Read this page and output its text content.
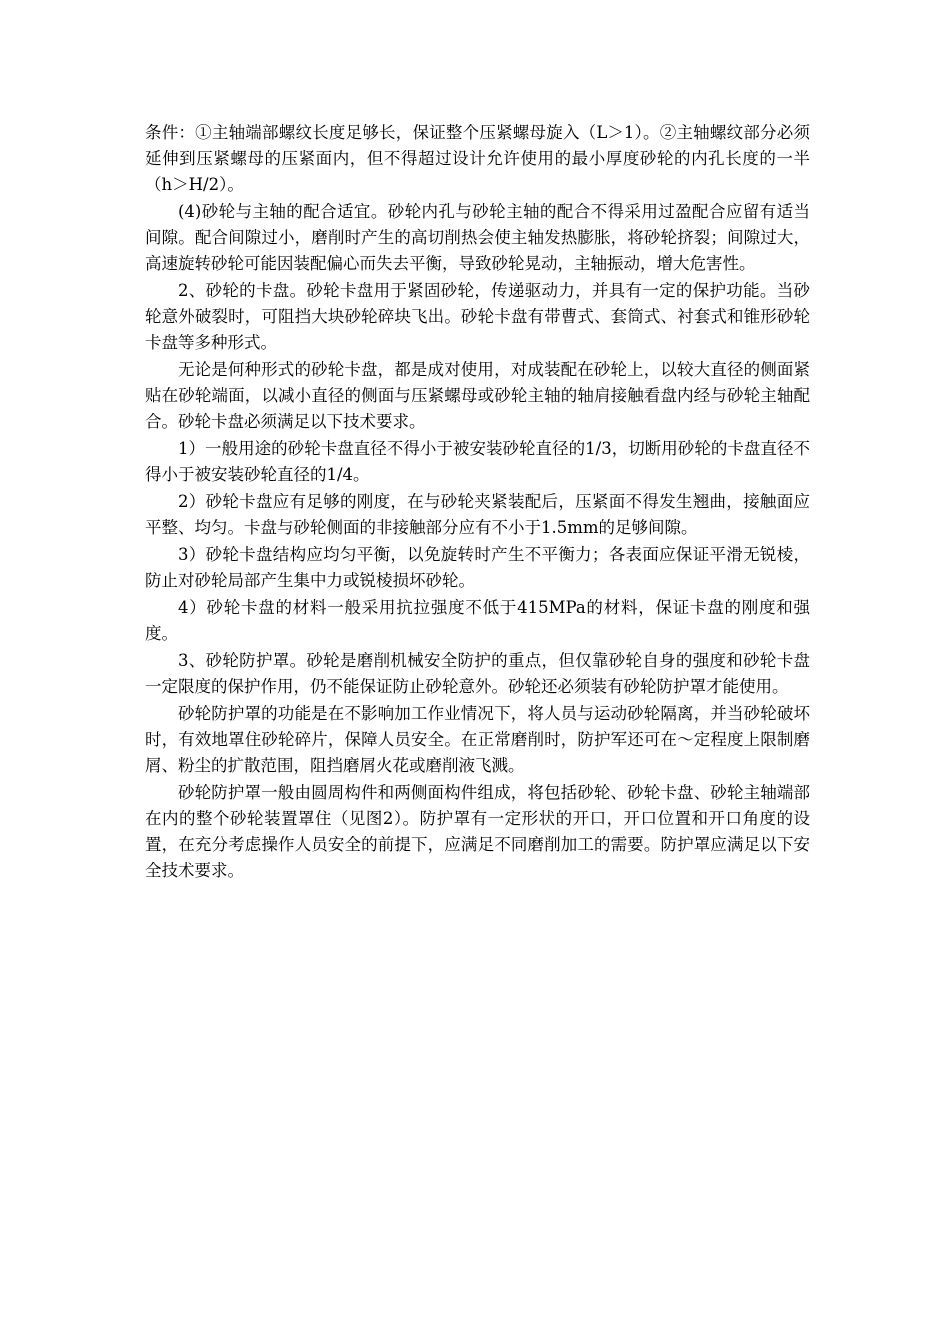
条件：①主轴端部螺纹长度足够长，保证整个压紧螺母旋入（L＞1）。②主轴螺纹部分必须延伸到压紧螺母的压紧面内，但不得超过设计允许使用的最小厚度砂轮的内孔长度的一半（h＞H/2）。

(4)砂轮与主轴的配合适宜。砂轮内孔与砂轮主轴的配合不得采用过盈配合应留有适当间隙。配合间隙过小，磨削时产生的高切削热会使主轴发热膨胀，将砂轮挤裂；间隙过大，高速旋转砂轮可能因装配偏心而失去平衡，导致砂轮晃动，主轴振动，增大危害性。

2、砂轮的卡盘。砂轮卡盘用于紧固砂轮，传递驱动力，并具有一定的保护功能。当砂轮意外破裂时，可阻挡大块砂轮碎块飞出。砂轮卡盘有带曹式、套筒式、衬套式和锥形砂轮卡盘等多种形式。

无论是何种形式的砂轮卡盘，都是成对使用，对成装配在砂轮上，以较大直径的侧面紧贴在砂轮端面，以减小直径的侧面与压紧螺母或砂轮主轴的轴肩接触看盘内经与砂轮主轴配合。砂轮卡盘必须满足以下技术要求。

1）一般用途的砂轮卡盘直径不得小于被安装砂轮直径的1/3，切断用砂轮的卡盘直径不得小于被安装砂轮直径的1/4。

2）砂轮卡盘应有足够的刚度，在与砂轮夹紧装配后，压紧面不得发生翘曲，接触面应平整、均匀。卡盘与砂轮侧面的非接触部分应有不小于1.5mm的足够间隙。

3）砂轮卡盘结构应均匀平衡，以免旋转时产生不平衡力；各表面应保证平滑无锐棱，防止对砂轮局部产生集中力或锐棱损坏砂轮。

4）砂轮卡盘的材料一般采用抗拉强度不低于415MPa的材料，保证卡盘的刚度和强度。

3、砂轮防护罩。砂轮是磨削机械安全防护的重点，但仅靠砂轮自身的强度和砂轮卡盘一定限度的保护作用，仍不能保证防止砂轮意外。砂轮还必须装有砂轮防护罩才能使用。

砂轮防护罩的功能是在不影响加工作业情况下，将人员与运动砂轮隔离，并当砂轮破坏时，有效地罩住砂轮碎片，保障人员安全。在正常磨削时，防护军还可在～定程度上限制磨屑、粉尘的扩散范围，阻挡磨屑火花或磨削液飞溅。

砂轮防护罩一般由圆周构件和两侧面构件组成，将包括砂轮、砂轮卡盘、砂轮主轴端部在内的整个砂轮装置罩住（见图2）。防护罩有一定形状的开口，开口位置和开口角度的设置，在充分考虑操作人员安全的前提下，应满足不同磨削加工的需要。防护罩应满足以下安全技术要求。
